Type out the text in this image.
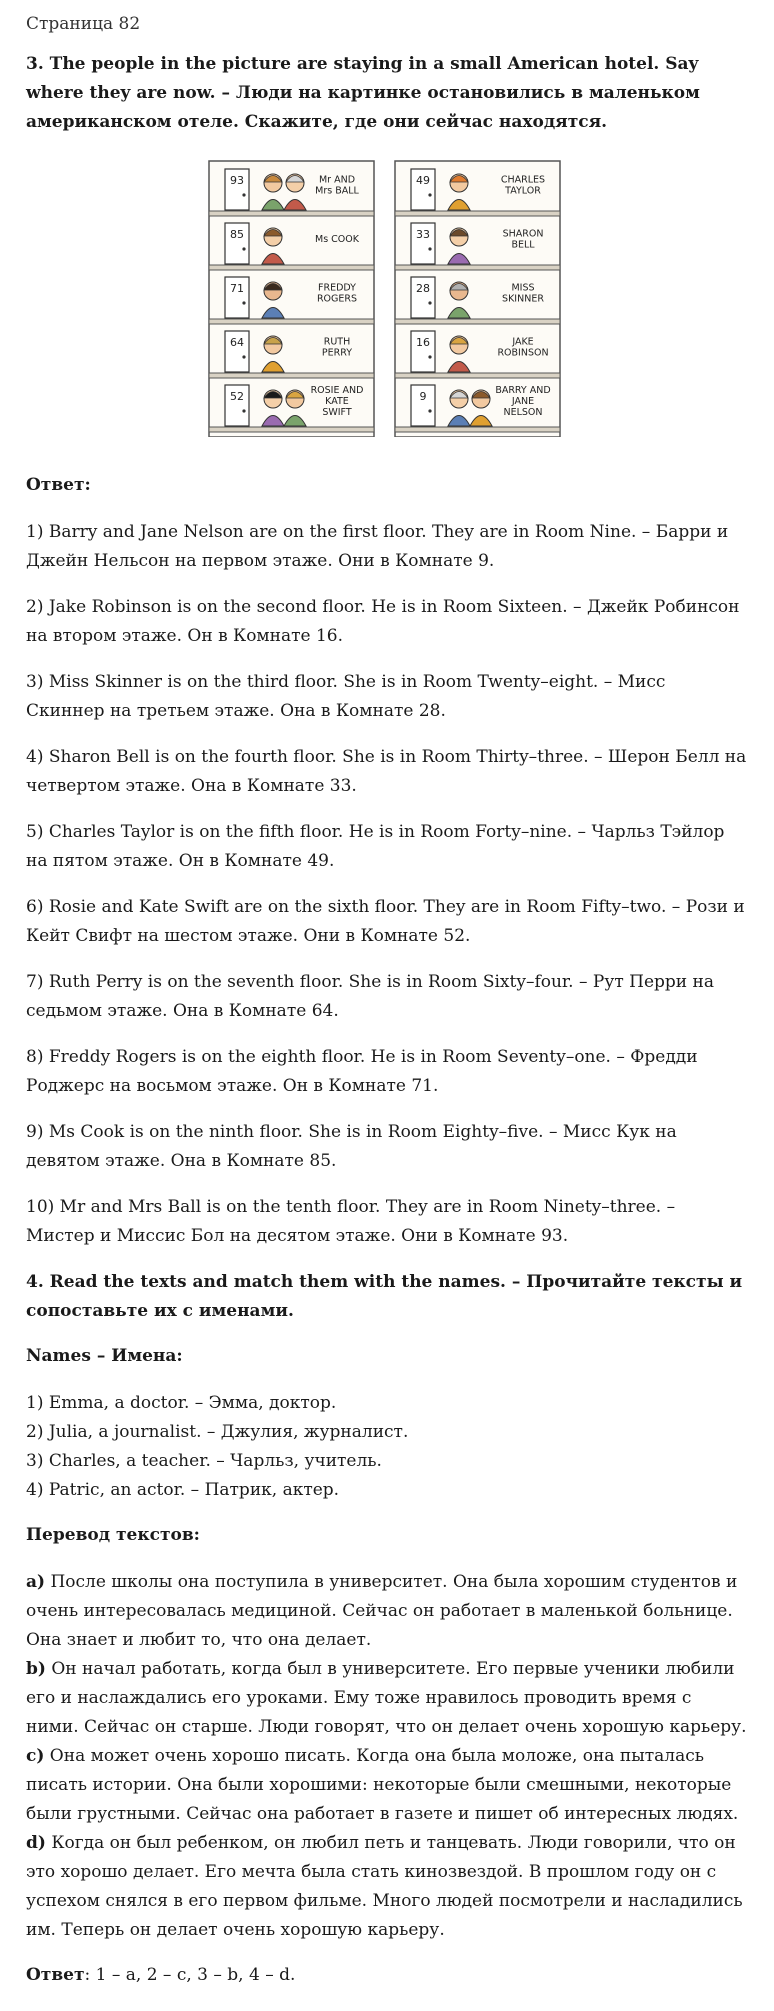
Страница 82
3. The people in the picture are staying in a small American hotel. Say where they are now. – Люди на картинке остановились в маленьком американском отеле. Скажите, где они сейчас находятся.
93	Mr AND
Mrs BALL
85	Ms COOK
71	FREDDY
ROGERS
64	RUTH
PERRY
52	ROSIE AND
KATE
SWIFT
49	CHARLES
TAYLOR
33	SHARON
BELL
28	MISS
SKINNER
16	JAKE
ROBINSON
9	BARRY AND
JANE
NELSON
Ответ:

1) Barry and Jane Nelson are on the first floor. They are in Room Nine. – Барри и Джейн Нельсон на первом этаже. Они в Комнате 9.

2) Jake Robinson is on the second floor. He is in Room Sixteen. – Джейк Робинсон на втором этаже. Он в Комнате 16.

3) Miss Skinner is on the third floor. She is in Room Twenty–eight. – Мисс Скиннер на третьем этаже. Она в Комнате 28.

4) Sharon Bell is on the fourth floor. She is in Room Thirty–three. – Шерон Белл на четвертом этаже. Она в Комнате 33.

5) Charles Taylor is on the fifth floor. He is in Room Forty–nine. – Чарльз Тэйлор на пятом этаже. Он в Комнате 49.

6) Rosie and Kate Swift are on the sixth floor. They are in Room Fifty–two. – Рози и Кейт Свифт на шестом этаже. Они в Комнате 52.

7) Ruth Perry is on the seventh floor. She is in Room Sixty–four. – Рут Перри на седьмом этаже. Она в Комнате 64.

8) Freddy Rogers is on the eighth floor. He is in Room Seventy–one. – Фредди Роджерс на восьмом этаже. Он в Комнате 71.

9) Ms Cook is on the ninth floor. She is in Room Eighty–five. – Мисс Кук на девятом этаже. Она в Комнате 85.

10) Mr and Mrs Ball is on the tenth floor. They are in Room Ninety–three. – Мистер и Миссис Бол на десятом этаже. Они в Комнате 93.

4. Read the texts and match them with the names. – Прочитайте тексты и сопоставьте их с именами.
Names – Имена:
1) Emma, a doctor. – Эмма, доктор.
2) Julia, a journalist. – Джулия, журналист.
3) Charles, a teacher. – Чарльз, учитель.
4) Patric, an actor. – Патрик, актер.
Перевод текстов:
a) После школы она поступила в университет. Она была хорошим студентов и очень интересовалась медициной. Сейчас он работает в маленькой больнице. Она знает и любит то, что она делает.
b) Он начал работать, когда был в университете. Его первые ученики любили его и наслаждались его уроками. Ему тоже нравилось проводить время с ними. Сейчас он старше. Люди говорят, что он делает очень хорошую карьеру.
c) Она может очень хорошо писать. Когда она была моложе, она пыталась писать истории. Она были хорошими: некоторые были смешными, некоторые были грустными. Сейчас она работает в газете и пишет об интересных людях.
d) Когда он был ребенком, он любил петь и танцевать. Люди говорили, что он это хорошо делает. Его мечта была стать кинозвездой. В прошлом году он с успехом снялся в его первом фильме. Много людей посмотрели и насладились им. Теперь он делает очень хорошую карьеру.
Ответ: 1 – a, 2 – c, 3 – b, 4 – d.
